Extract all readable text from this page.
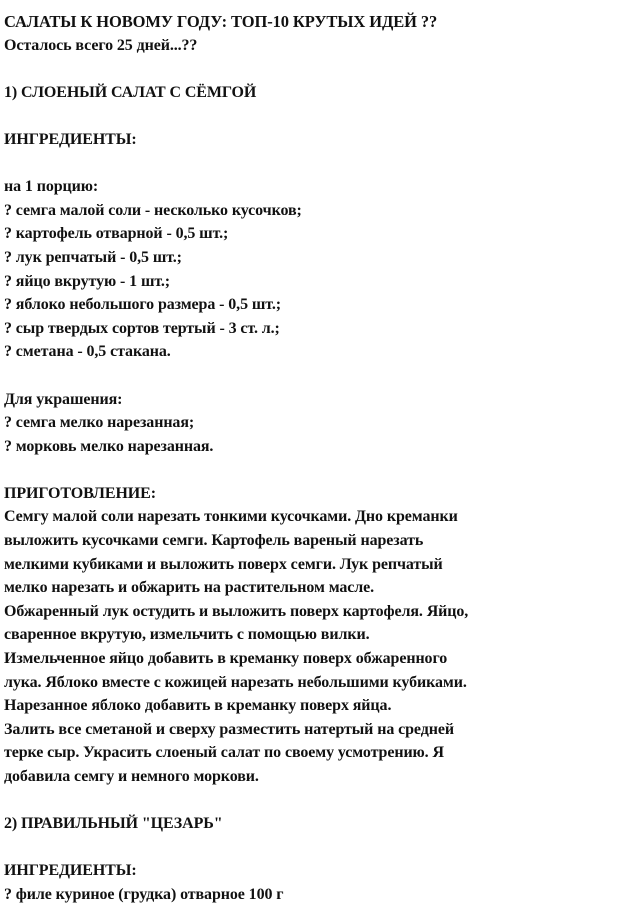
САЛАТЫ К НОВОМУ ГОДУ: ТОП-10 КРУТЫХ ИДЕЙ ??
Осталось всего 25 дней...??
1) СЛОЕНЫЙ САЛАТ С СЁМГОЙ
ИНГРЕДИЕНТЫ:
на 1 порцию:
? семга малой соли - несколько кусочков;
? картофель отварной - 0,5 шт.;
? лук репчатый - 0,5 шт.;
? яйцо вкрутую - 1 шт.;
? яблоко небольшого размера - 0,5 шт.;
? сыр твердых сортов тертый - 3 ст. л.;
? сметана - 0,5 стакана.
Для украшения:
? семга мелко нарезанная;
? морковь мелко нарезанная.
ПРИГОТОВЛЕНИЕ:
Семгу малой соли нарезать тонкими кусочками. Дно креманки
выложить кусочками семги. Картофель вареный нарезать
мелкими кубиками и выложить поверх семги. Лук репчатый
мелко нарезать и обжарить на растительном масле.
Обжаренный лук остудить и выложить поверх картофеля. Яйцо,
сваренное вкрутую, измельчить с помощью вилки.
Измельченное яйцо добавить в креманку поверх обжаренного
лука. Яблоко вместе с кожицей нарезать небольшими кубиками.
Нарезанное яблоко добавить в креманку поверх яйца.
Залить все сметаной и сверху разместить натертый на средней
терке сыр. Украсить слоеный салат по своему усмотрению. Я
добавила семгу и немного моркови.
2) ПРАВИЛЬНЫЙ "ЦЕЗАРЬ"
ИНГРЕДИЕНТЫ:
? филе куриное (грудка) отварное 100 г
